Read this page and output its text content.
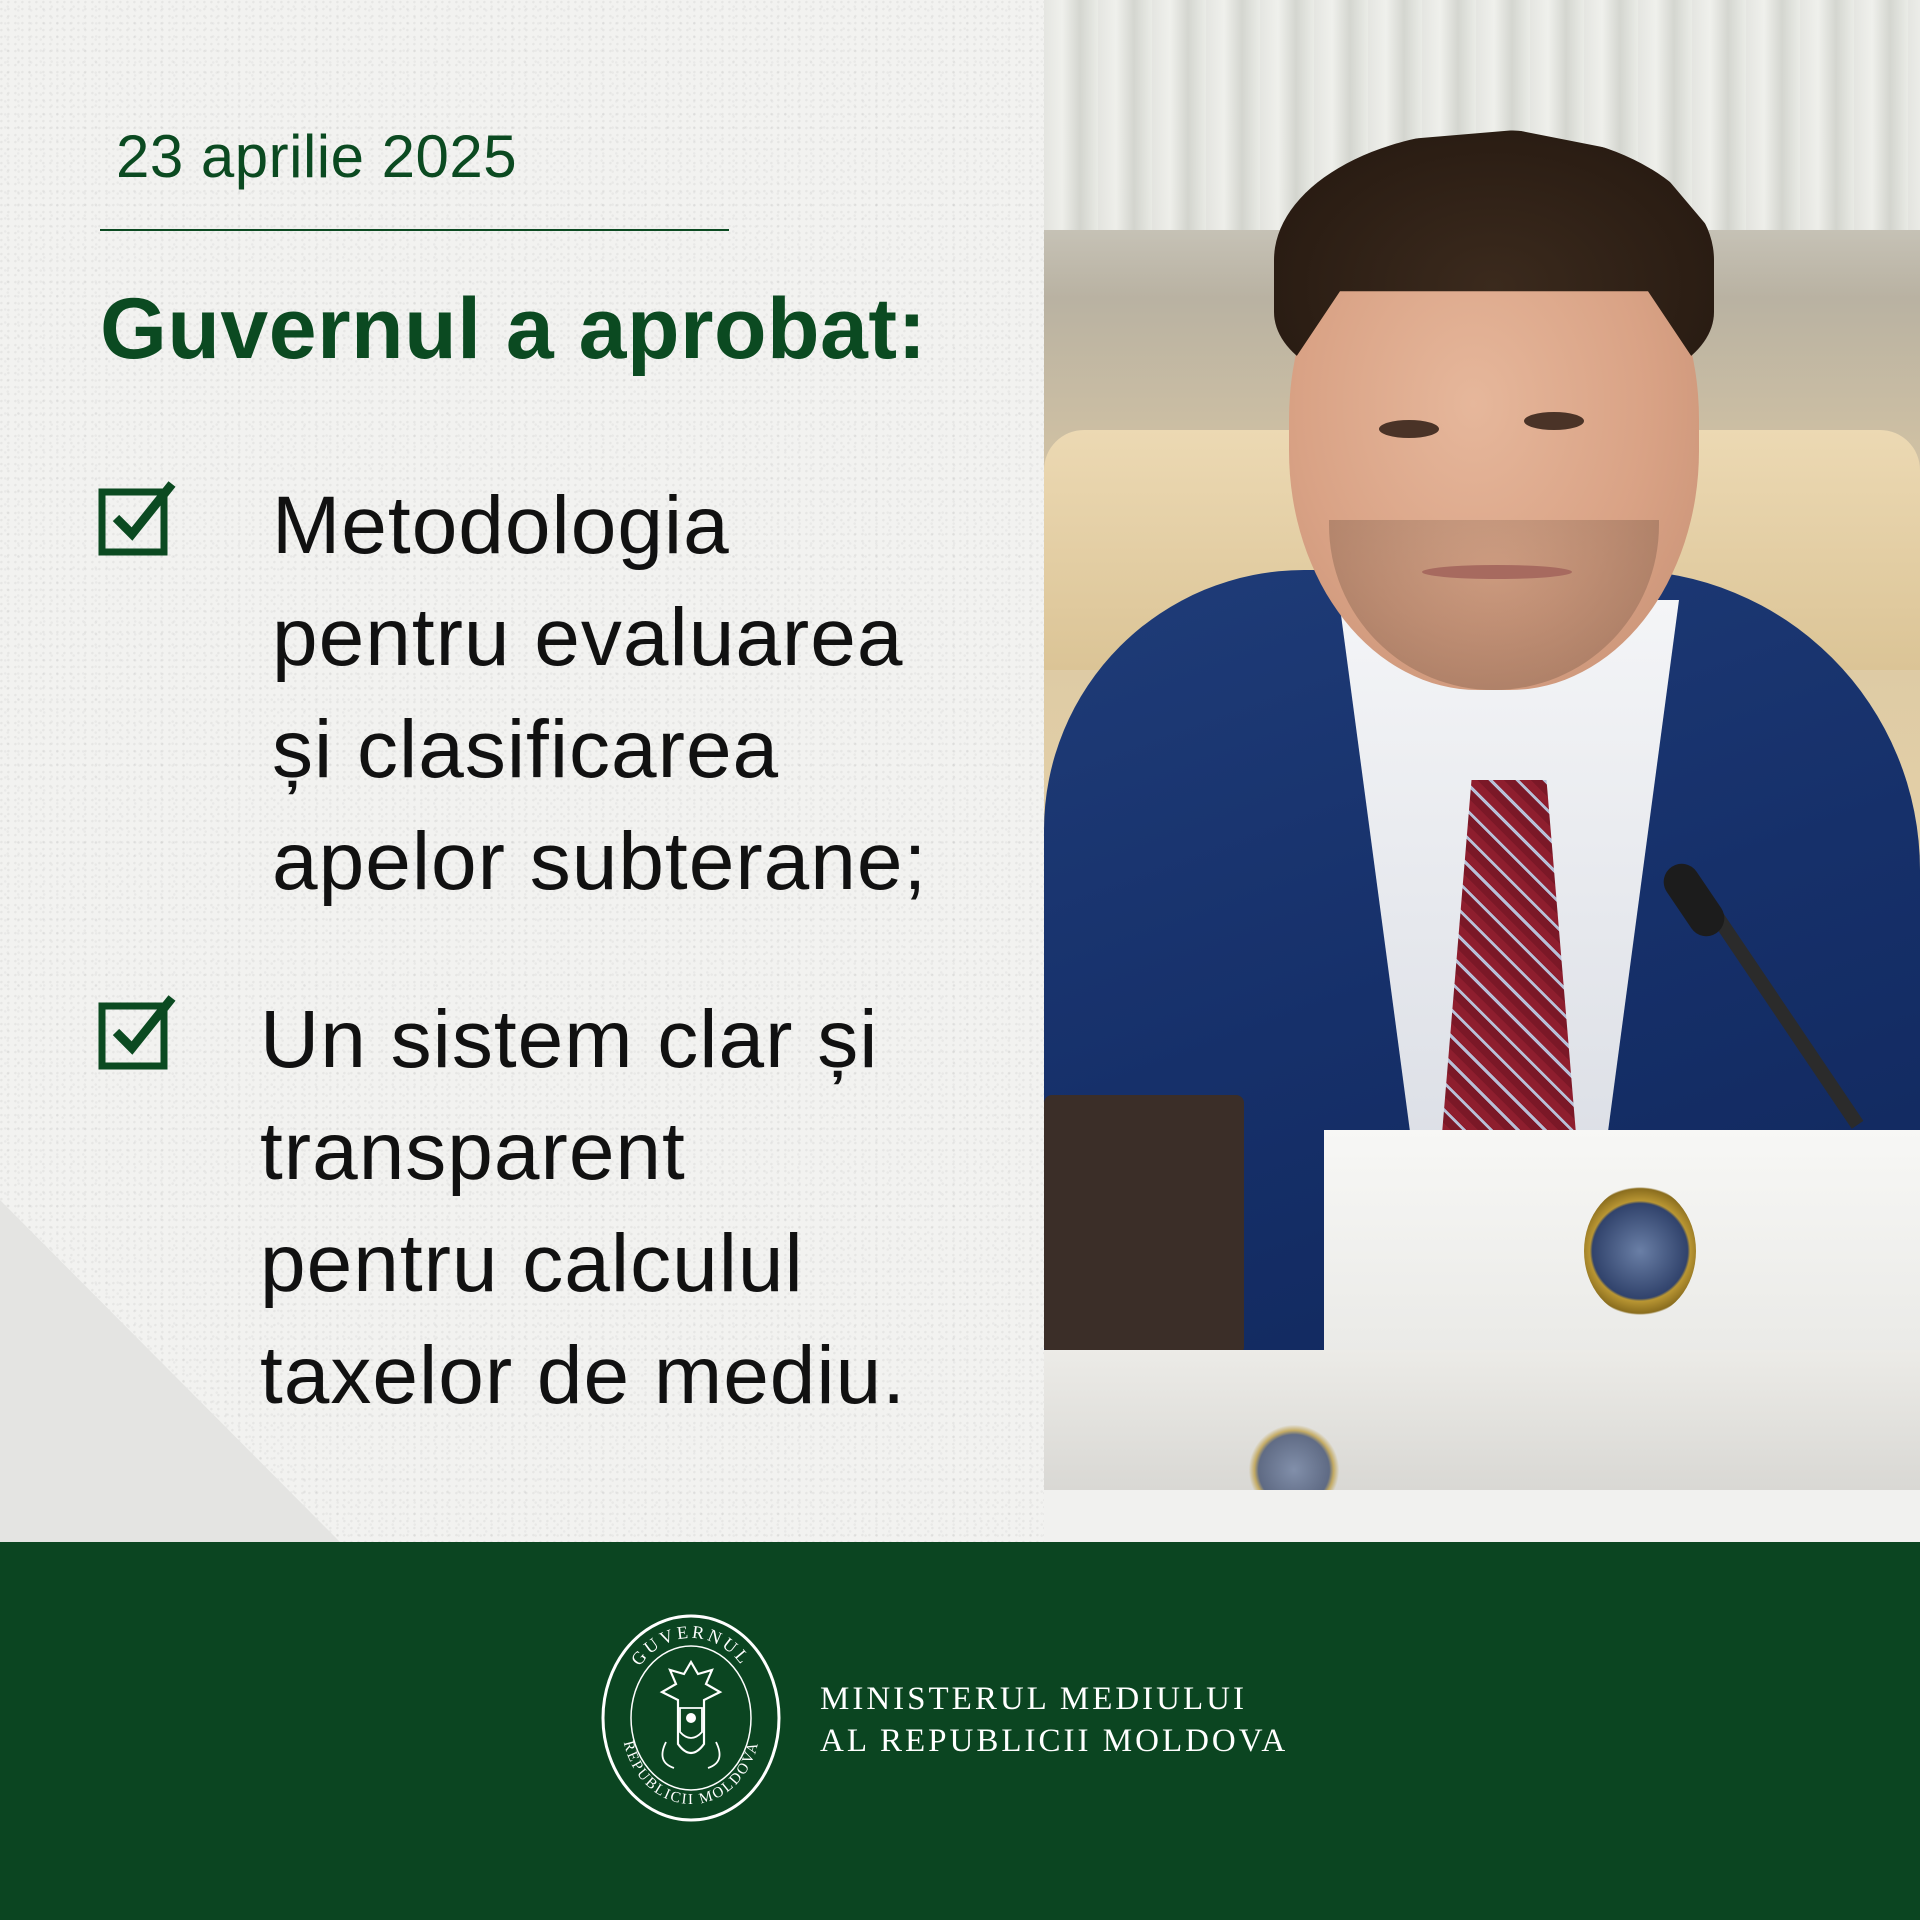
23 aprilie 2025
Guvernul a aprobat:
Metodologia
pentru evaluarea
și clasificarea
apelor subterane;
Un sistem clar și
transparent
pentru calculul
taxelor de mediu.
GUVERNUL
REPUBLICII MOLDOVA
MINISTERUL MEDIULUI
AL REPUBLICII MOLDOVA
